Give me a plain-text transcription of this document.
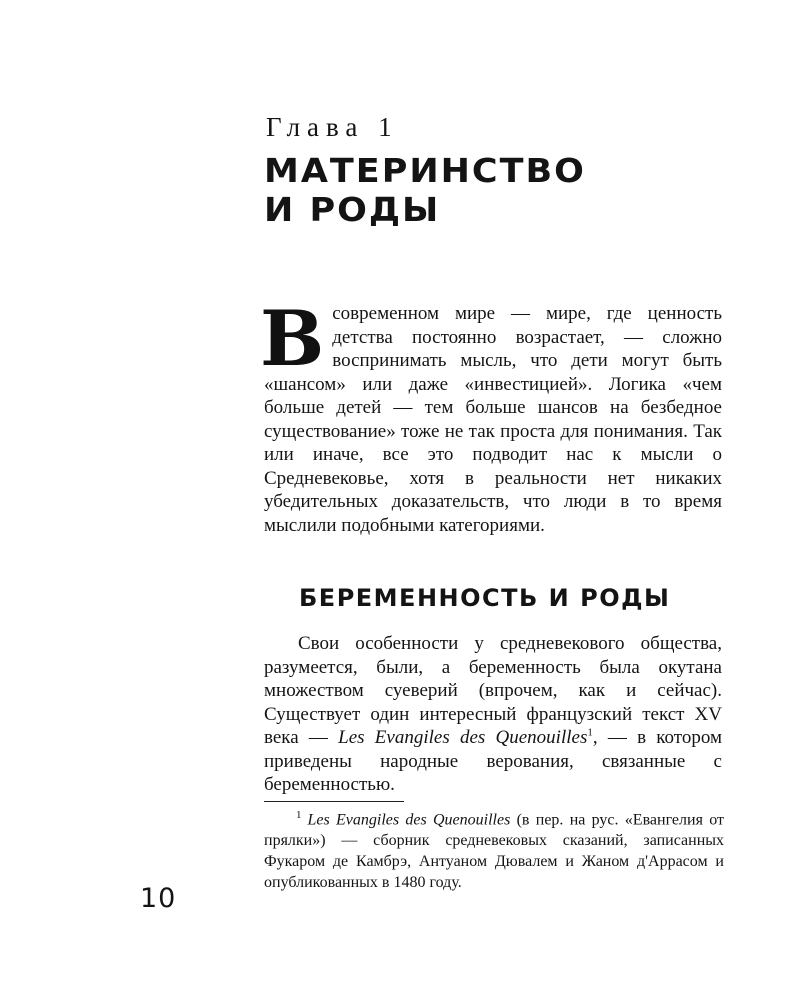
Глава 1
МАТЕРИНСТВО
И РОДЫ

В современном мире — мире, где ценность детства постоянно возрастает, — сложно воспринимать мысль, что дети могут быть «шансом» или даже «инвестицией». Логика «чем больше детей — тем больше шансов на безбедное существование» тоже не так проста для понимания. Так или иначе, все это подводит нас к мысли о Средневековье, хотя в реальности нет никаких убедительных доказательств, что люди в то время мыслили подобными категориями.

БЕРЕМЕННОСТЬ И РОДЫ

Свои особенности у средневекового общества, разумеется, были, а беременность была окутана множеством суеверий (впрочем, как и сейчас). Существует один интересный французский текст XV века — Les Evangiles des Quenouilles$^1$, — в котором приведены народные верования, связанные с беременностью.

$^1$ Les Evangiles des Quenouilles (в пер. на рус. «Евангелия от прялки») — сборник средневековых сказаний, записанных Фукаром де Камбрэ, Антуаном Дювалем и Жаном д'Аррасом и опубликованных в 1480 году.

10
